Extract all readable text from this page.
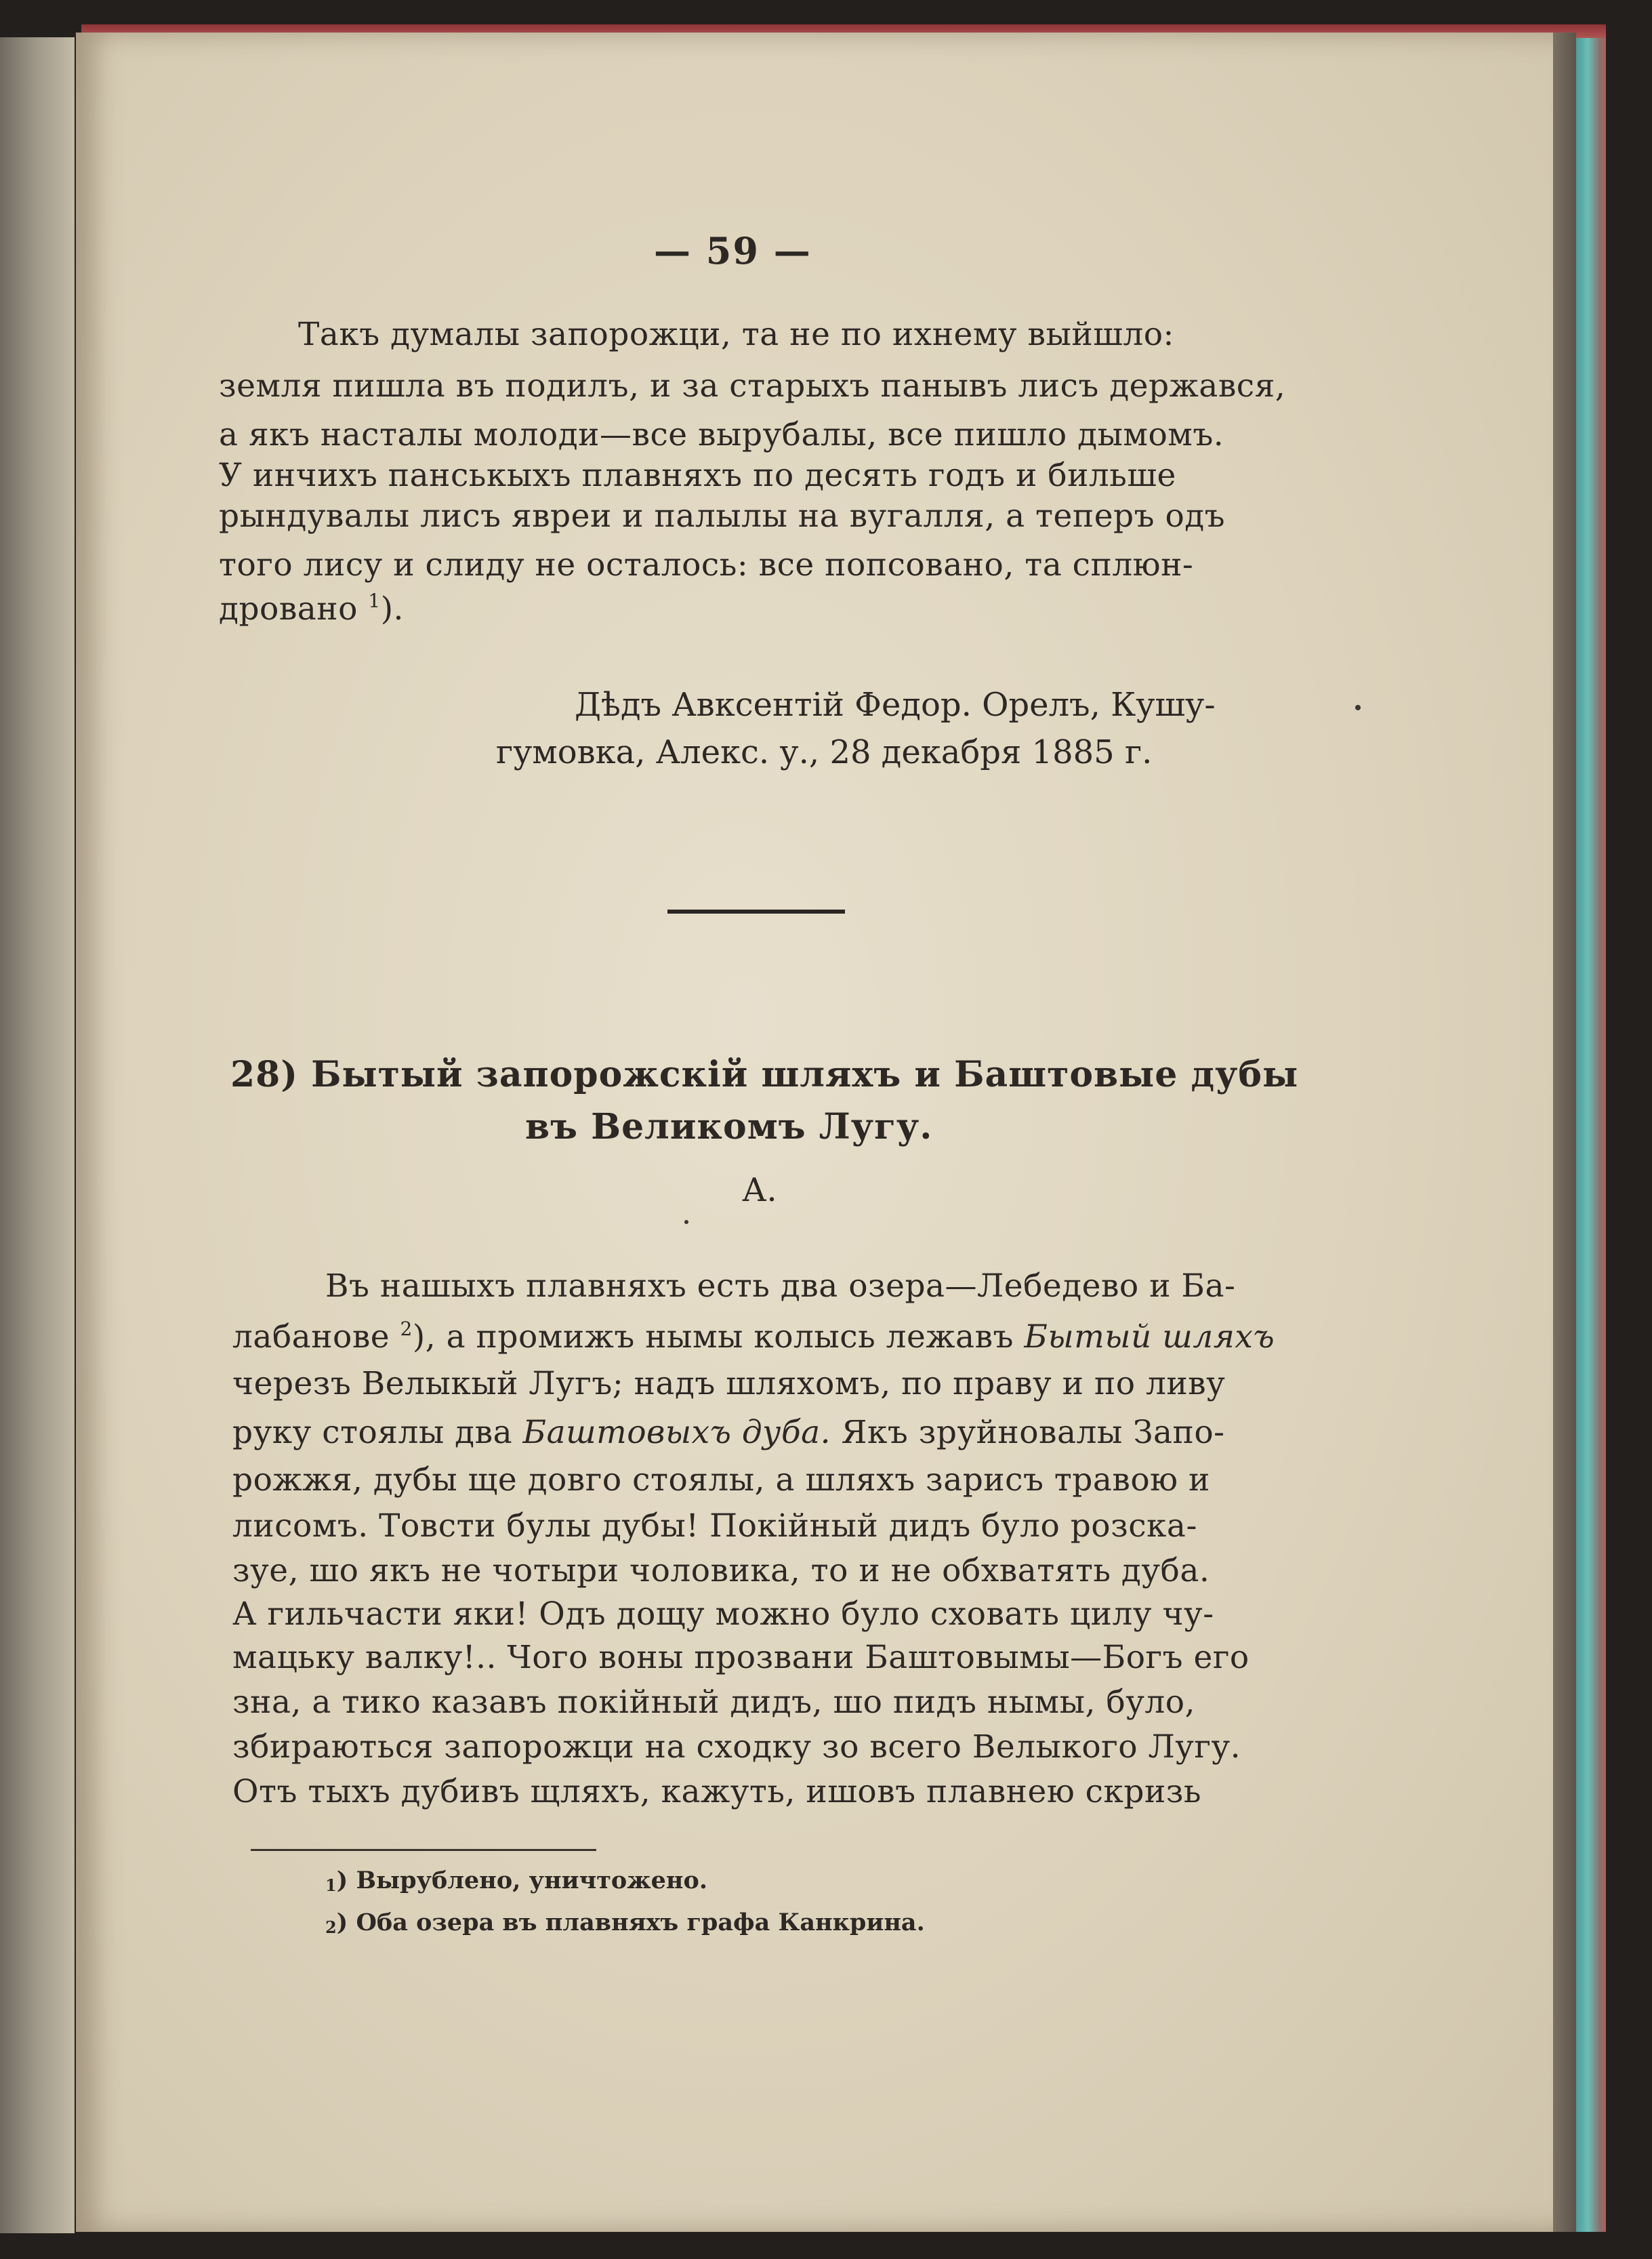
— 59 —
Такъ думалы запорожци, та не по ихнему выйшло:
земля пишла въ подилъ, и за старыхъ панывъ лисъ держався,
а якъ насталы молоди—все вырубалы, все пишло дымомъ.
У инчихъ панськыхъ плавняхъ по десять годъ и бильше
рындувалы лисъ явреи и палылы на вугалля, а теперъ одъ
того лису и слиду не осталось: все попсовано, та сплюн-
дровано $^1$).
Дѣдъ Авксентій Федор. Орелъ, Кушу-
гумовка, Алекс. у., 28 декабря 1885 г.
28) Бытый запорожскій шляхъ и Баштовые дубы
въ Великомъ Лугу.
А.
Въ нашыхъ плавняхъ есть два озера—Лебедево и Ба-
лабанове $^2$), а промижъ нымы колысь лежавъ Бытый шляхъ
черезъ Велыкый Лугъ; надъ шляхомъ, по праву и по ливу
руку стоялы два Баштовыхъ дуба. Якъ зруйновалы Запо-
рожжя, дубы ще довго стоялы, а шляхъ зарисъ травою и
лисомъ. Товсти булы дубы! Покійный дидъ було розска-
зуе, шо якъ не чотыри чоловика, то и не обхватять дуба.
А гильчасти яки! Одъ дощу можно було сховать цилу чу-
мацьку валку!.. Чого воны прозвани Баштовымы—Богъ его
зна, а тико казавъ покійный дидъ, шо пидъ нымы, було,
збираються запорожци на сходку зо всего Велыкого Лугу.
Отъ тыхъ дубивъ щляхъ, кажуть, ишовъ плавнею скризь
1) Вырублено, уничтожено.
2) Оба озера въ плавняхъ графа Канкрина.
